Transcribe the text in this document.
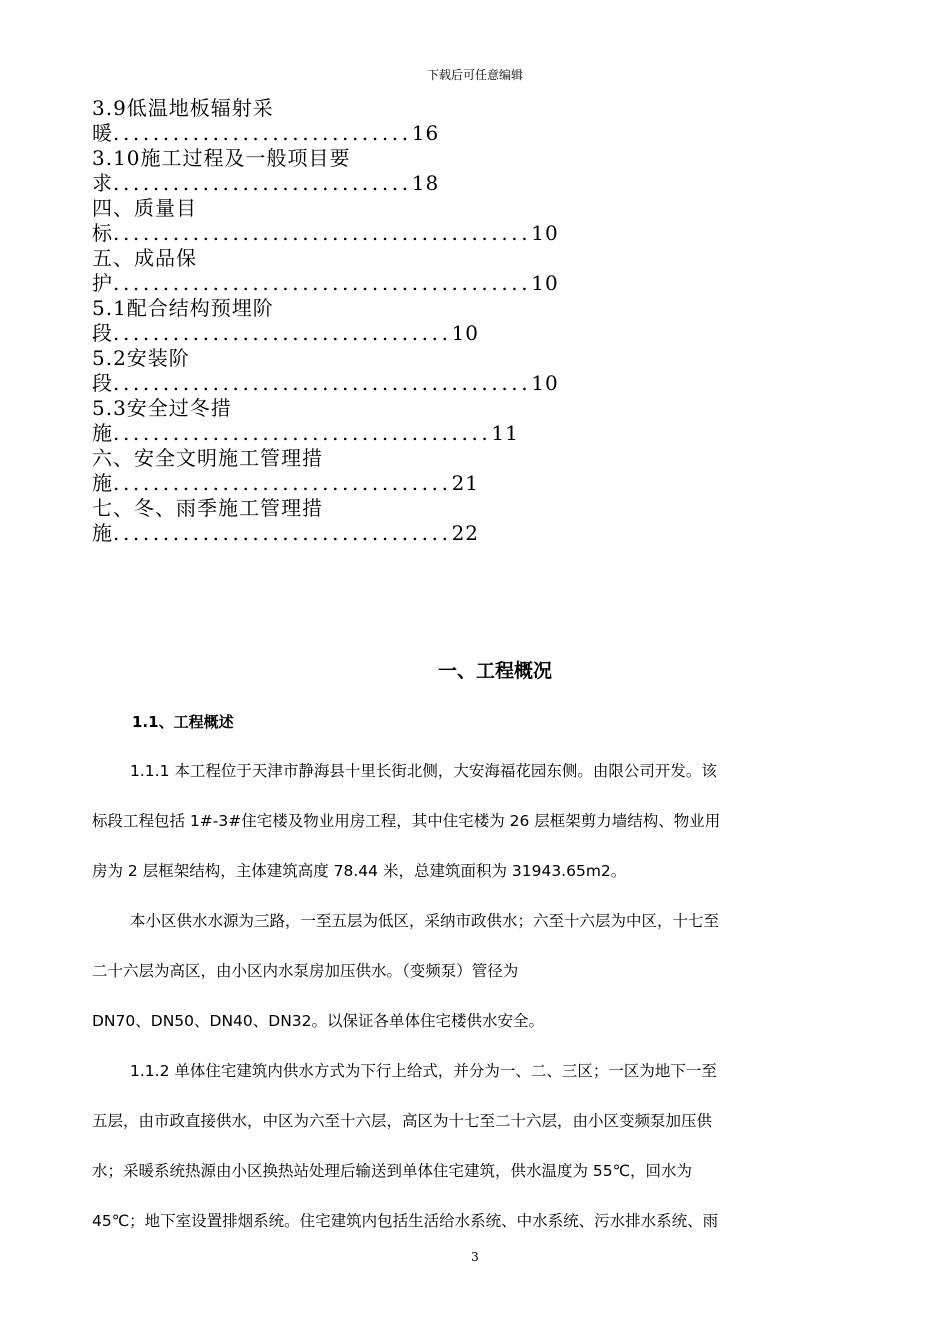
下载后可任意编辑
3.9低温地板辐射采
暖..............................16
3.10施工过程及一般项目要
求..............................18
四、质量目
标..........................................10
五、成品保
护..........................................10
5.1配合结构预埋阶
段..................................10
5.2安装阶
段..........................................10
5.3安全过冬措
施......................................11
六、安全文明施工管理措
施..................................21
七、冬、雨季施工管理措
施..................................22
一、工程概况
1.1、工程概述
1.1.1 本工程位于天津市静海县十里长街北侧，大安海福花园东侧。由限公司开发。该
标段工程包括 1#-3#住宅楼及物业用房工程，其中住宅楼为 26 层框架剪力墙结构、物业用
房为 2 层框架结构，主体建筑高度 78.44 米，总建筑面积为 31943.65m2。
本小区供水水源为三路，一至五层为低区，采纳市政供水；六至十六层为中区，十七至
二十六层为高区，由小区内水泵房加压供水。（变频泵）管径为
DN70、DN50、DN40、DN32。以保证各单体住宅楼供水安全。
1.1.2 单体住宅建筑内供水方式为下行上给式，并分为一、二、三区；一区为地下一至
五层，由市政直接供水，中区为六至十六层，高区为十七至二十六层，由小区变频泵加压供
水；采暖系统热源由小区换热站处理后输送到单体住宅建筑，供水温度为 55℃，回水为
45℃；地下室设置排烟系统。住宅建筑内包括生活给水系统、中水系统、污水排水系统、雨
3
